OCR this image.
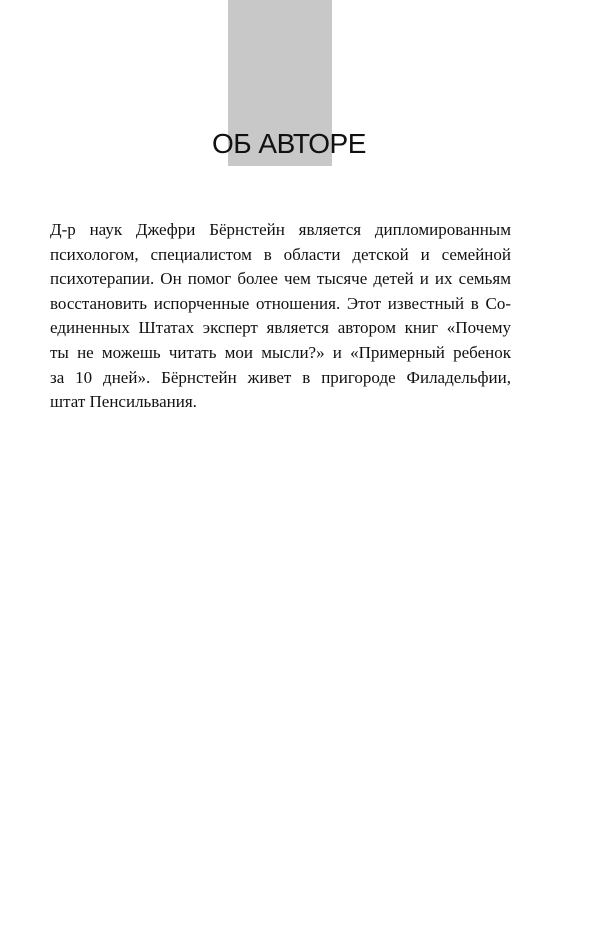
ОБ АВТОРЕ
Д-р наук Джефри Бёрнстейн является дипломированным
психологом, специалистом в области детской и семейной
психотерапии. Он помог более чем тысяче детей и их семьям
восстановить испорченные отношения. Этот известный в Со-
единенных Штатах эксперт является автором книг «Почему
ты не можешь читать мои мысли?» и «Примерный ребенок
за 10 дней». Бёрнстейн живет в пригороде Филадельфии,
штат Пенсильвания.
